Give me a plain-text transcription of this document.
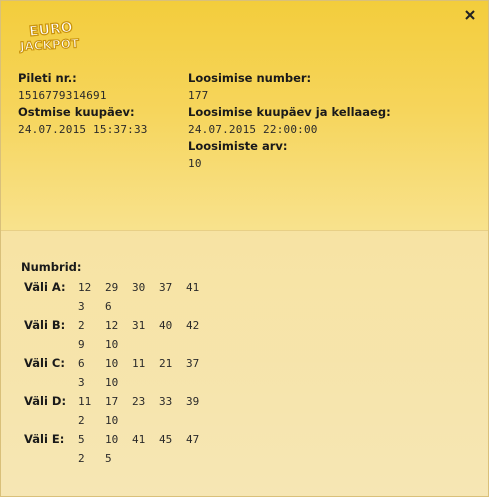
EURO
JACKPOT
Pileti nr.:
1516779314691
Ostmise kuupäev:
24.07.2015 15:37:33
Loosimise number:
177
Loosimise kuupäev ja kellaaeg:
24.07.2015 22:00:00
Loosimiste arv:
10
Numbrid:
Väli A:	12	29	30	37	41
3	6
Väli B:	2	12	31	40	42
9	10
Väli C:	6	10	11	21	37
3	10
Väli D:	11	17	23	33	39
2	10
Väli E:	5	10	41	45	47
2	5
